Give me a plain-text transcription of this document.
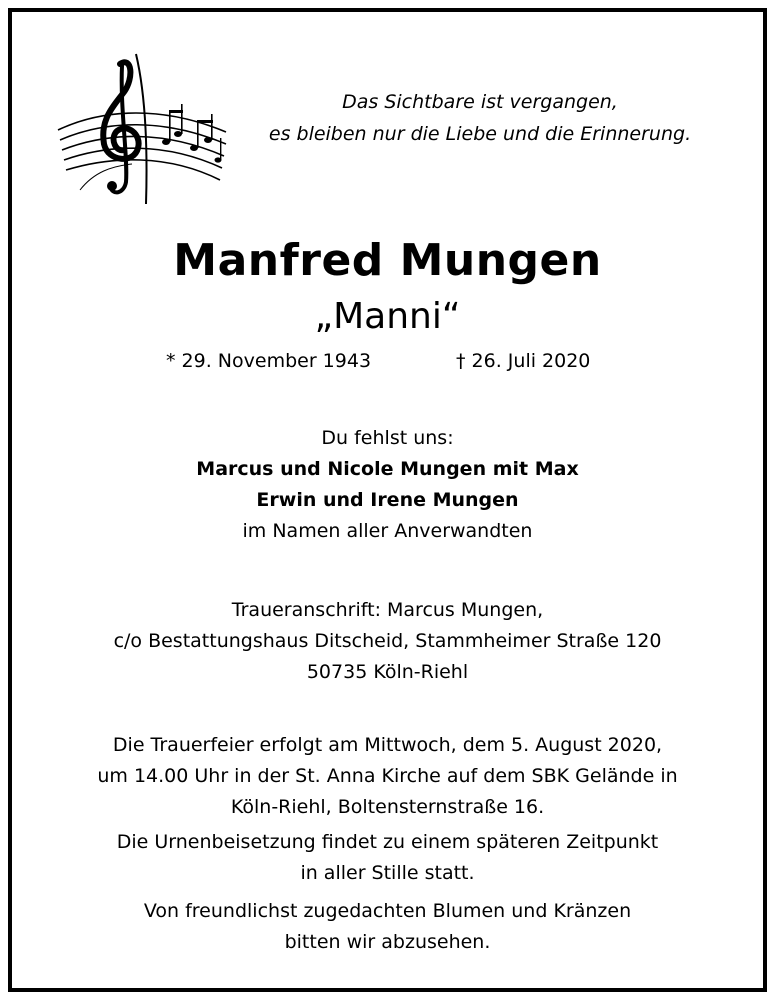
Das Sichtbare ist vergangen,
es bleiben nur die Liebe und die Erinnerung.
Manfred Mungen
„Manni“
* 29. November 1943	† 26. Juli 2020
Du fehlst uns:
Marcus und Nicole Mungen mit Max
Erwin und Irene Mungen
im Namen aller Anverwandten
Traueranschrift: Marcus Mungen,
c/o Bestattungshaus Ditscheid, Stammheimer Straße 120
50735 Köln-Riehl
Die Trauerfeier erfolgt am Mittwoch, dem 5. August 2020,
um 14.00 Uhr in der St. Anna Kirche auf dem SBK Gelände in
Köln-Riehl, Boltensternstraße 16.
Die Urnenbeisetzung findet zu einem späteren Zeitpunkt
in aller Stille statt.
Von freundlichst zugedachten Blumen und Kränzen
bitten wir abzusehen.
